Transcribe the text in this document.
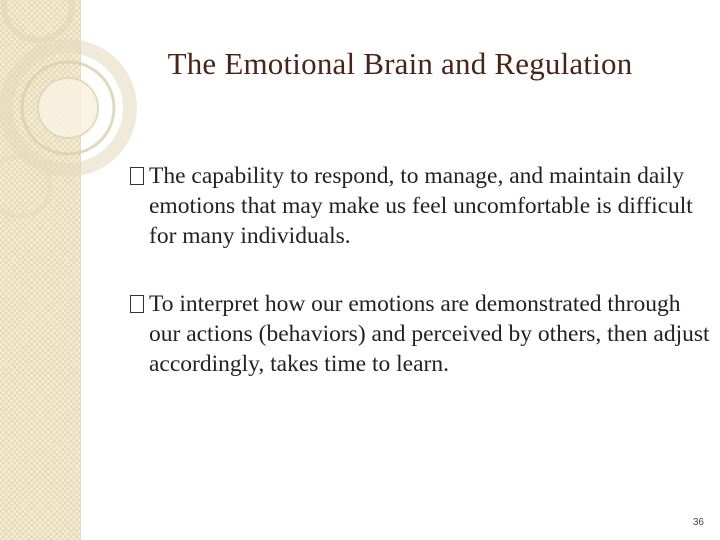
The Emotional Brain and Regulation
The capability to respond, to manage, and maintain daily emotions that may make us feel uncomfortable is difficult for many individuals.
To interpret how our emotions are demonstrated through our actions (behaviors) and perceived by others, then adjust accordingly, takes time to learn.
36
